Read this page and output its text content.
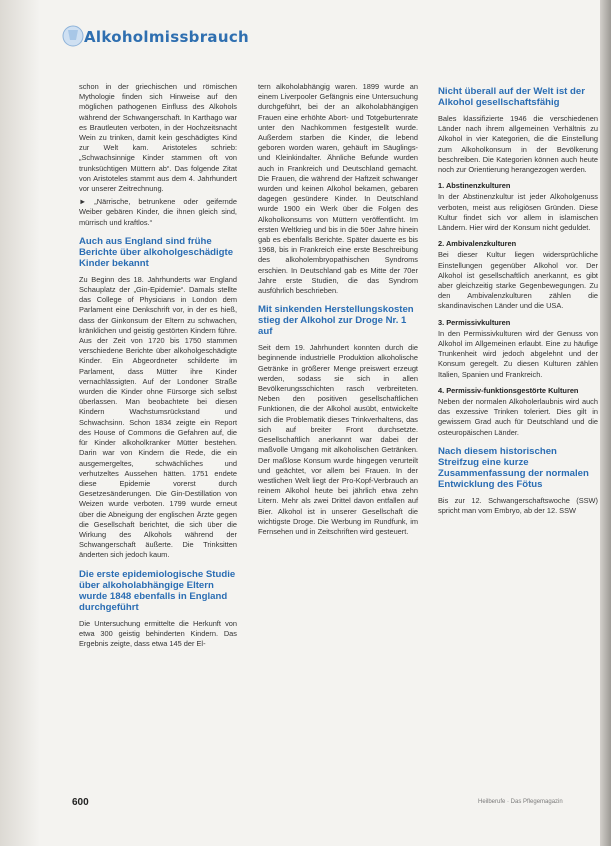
Alkoholmissbrauch

schon in der griechischen und römischen Mythologie finden sich Hinweise auf den möglichen pathogenen Einfluss des Alkohols während der Schwangerschaft. In Karthago war es Brautleuten verboten, in der Hochzeitsnacht Wein zu trinken, damit kein geschädigtes Kind zur Welt kam. Aristoteles schrieb: „Schwachsinnige Kinder stammen oft von trunksüchtigen Müttern ab“. Das folgende Zitat von Aristoteles stammt aus dem 4. Jahrhundert vor unserer Zeitrechnung.

► „Närrische, betrunkene oder geifernde Weiber gebären Kinder, die ihnen gleich sind, mürrisch und kraftlos.“

Auch aus England sind frühe Berichte über alkoholgeschädigte Kinder bekannt

Zu Beginn des 18. Jahrhunderts war England Schauplatz der „Gin-Epidemie“. Damals stellte das College of Physicians in London dem Parlament eine Denkschrift vor, in der es hieß, dass der Ginkonsum der Eltern zu schwachen, kränklichen und geistig gestörten Kindern führe. Aus der Zeit von 1720 bis 1750 stammen verschiedene Berichte über alkoholgeschädigte Kinder. Ein Abgeordneter schilderte im Parlament, dass Mütter ihre Kinder vernachlässigten. Auf der Londoner Straße wurden die Kinder ohne Fürsorge sich selbst überlassen. Man beobachtete bei diesen Kindern Wachstumsrückstand und Schwachsinn. Schon 1834 zeigte ein Report des House of Commons die Gefahren auf, die für Kinder alkoholkranker Mütter bestehen. Darin war von Kindern die Rede, die ein ausgemergeltes, schwächliches und verhutzeltes Aussehen hätten. 1751 endete diese Epidemie vorerst durch Gesetzesänderungen. Die Gin-Destillation von Weizen wurde verboten. 1799 wurde erneut über die Abneigung der englischen Ärzte gegen die Gesellschaft berichtet, die sich über die Wirkung des Alkohols während der Schwangerschaft äußerte. Die Trinksitten änderten sich jedoch kaum.

Die erste epidemiologische Studie über alkoholabhängige Eltern wurde 1848 ebenfalls in England durchgeführt

Die Untersuchung ermittelte die Herkunft von etwa 300 geistig behinderten Kindern. Das Ergebnis zeigte, dass etwa 145 der El-

tern alkoholabhängig waren. 1899 wurde an einem Liverpooler Gefängnis eine Untersuchung durchgeführt, bei der an alkoholabhängigen Frauen eine erhöhte Abort- und Totgeburtenrate unter den Nachkommen festgestellt wurde. Außerdem starben die Kinder, die lebend geboren worden waren, gehäuft im Säuglings- und Kleinkindalter. Ähnliche Befunde wurden auch in Frankreich und Deutschland gemacht. Die Frauen, die während der Haftzeit schwanger wurden und keinen Alkohol bekamen, gebaren dagegen gesündere Kinder. In Deutschland wurde 1900 ein Werk über die Folgen des Alkoholkonsums von Müttern veröffentlicht. Im ersten Weltkrieg und bis in die 50er Jahre hinein gab es ebenfalls Berichte. Später dauerte es bis 1968, bis in Frankreich eine erste Beschreibung des alkoholembryopathischen Syndroms erschien. In Deutschland gab es Mitte der 70er Jahre erste Studien, die das Syndrom ausführlich beschrieben.

Mit sinkenden Herstellungskosten stieg der Alkohol zur Droge Nr. 1 auf

Seit dem 19. Jahrhundert konnten durch die beginnende industrielle Produktion alkoholische Getränke in größerer Menge preiswert erzeugt werden, sodass sie sich in allen Bevölkerungsschichten rasch verbreiteten. Neben den positiven gesellschaftlichen Funktionen, die der Alkohol ausübt, entwickelte sich die Problematik dieses Trinkverhaltens, das sich auf breiter Front durchsetzte. Gesellschaftlich anerkannt war dabei der maßvolle Umgang mit alkoholischen Getränken. Der maßlose Konsum wurde hingegen verurteilt und geächtet, vor allem bei Frauen. In der westlichen Welt liegt der Pro-Kopf-Verbrauch an reinem Alkohol heute bei jährlich etwa zehn Litern. Mehr als zwei Drittel davon entfallen auf Bier. Alkohol ist in unserer Gesellschaft die wichtigste Droge. Die Werbung im Rundfunk, im Fernsehen und in Zeitschriften wird gesteuert.

Nicht überall auf der Welt ist der Alkohol gesellschaftsfähig

Bales klassifizierte 1946 die verschiedenen Länder nach ihrem allgemeinen Verhältnis zu Alkohol in vier Kategorien, die die Einstellung zum Alkoholkonsum in der Bevölkerung beschreiben. Die Kategorien können auch heute noch zur Orientierung herangezogen werden.

1. Abstinenzkulturen

In der Abstinenzkultur ist jeder Alkoholgenuss verboten, meist aus religiösen Gründen. Diese Kultur findet sich vor allem in islamischen Ländern. Hier wird der Konsum nicht geduldet.

2. Ambivalenzkulturen

Bei dieser Kultur liegen widersprüchliche Einstellungen gegenüber Alkohol vor. Der Alkohol ist gesellschaftlich anerkannt, es gibt aber gleichzeitig starke Gegenbewegungen. Zu den Ambivalenzkulturen zählen die skandinavischen Länder und die USA.

3. Permissivkulturen

In den Permissivkulturen wird der Genuss von Alkohol im Allgemeinen erlaubt. Eine zu häufige Trunkenheit wird jedoch abgelehnt und der Konsum geregelt. Zu diesen Kulturen zählen Italien, Spanien und Frankreich.

4. Permissiv-funktionsgestörte Kulturen

Neben der normalen Alkoholerlaubnis wird auch das exzessive Trinken toleriert. Dies gilt in gewissem Grad auch für Deutschland und die osteuropäischen Länder.

Nach diesem historischen Streifzug eine kurze Zusammenfassung der normalen Entwicklung des Fötus

Bis zur 12. Schwangerschaftswoche (SSW) spricht man vom Embryo, ab der 12. SSW

600	Heilberufe · Das Pflegemagazin
